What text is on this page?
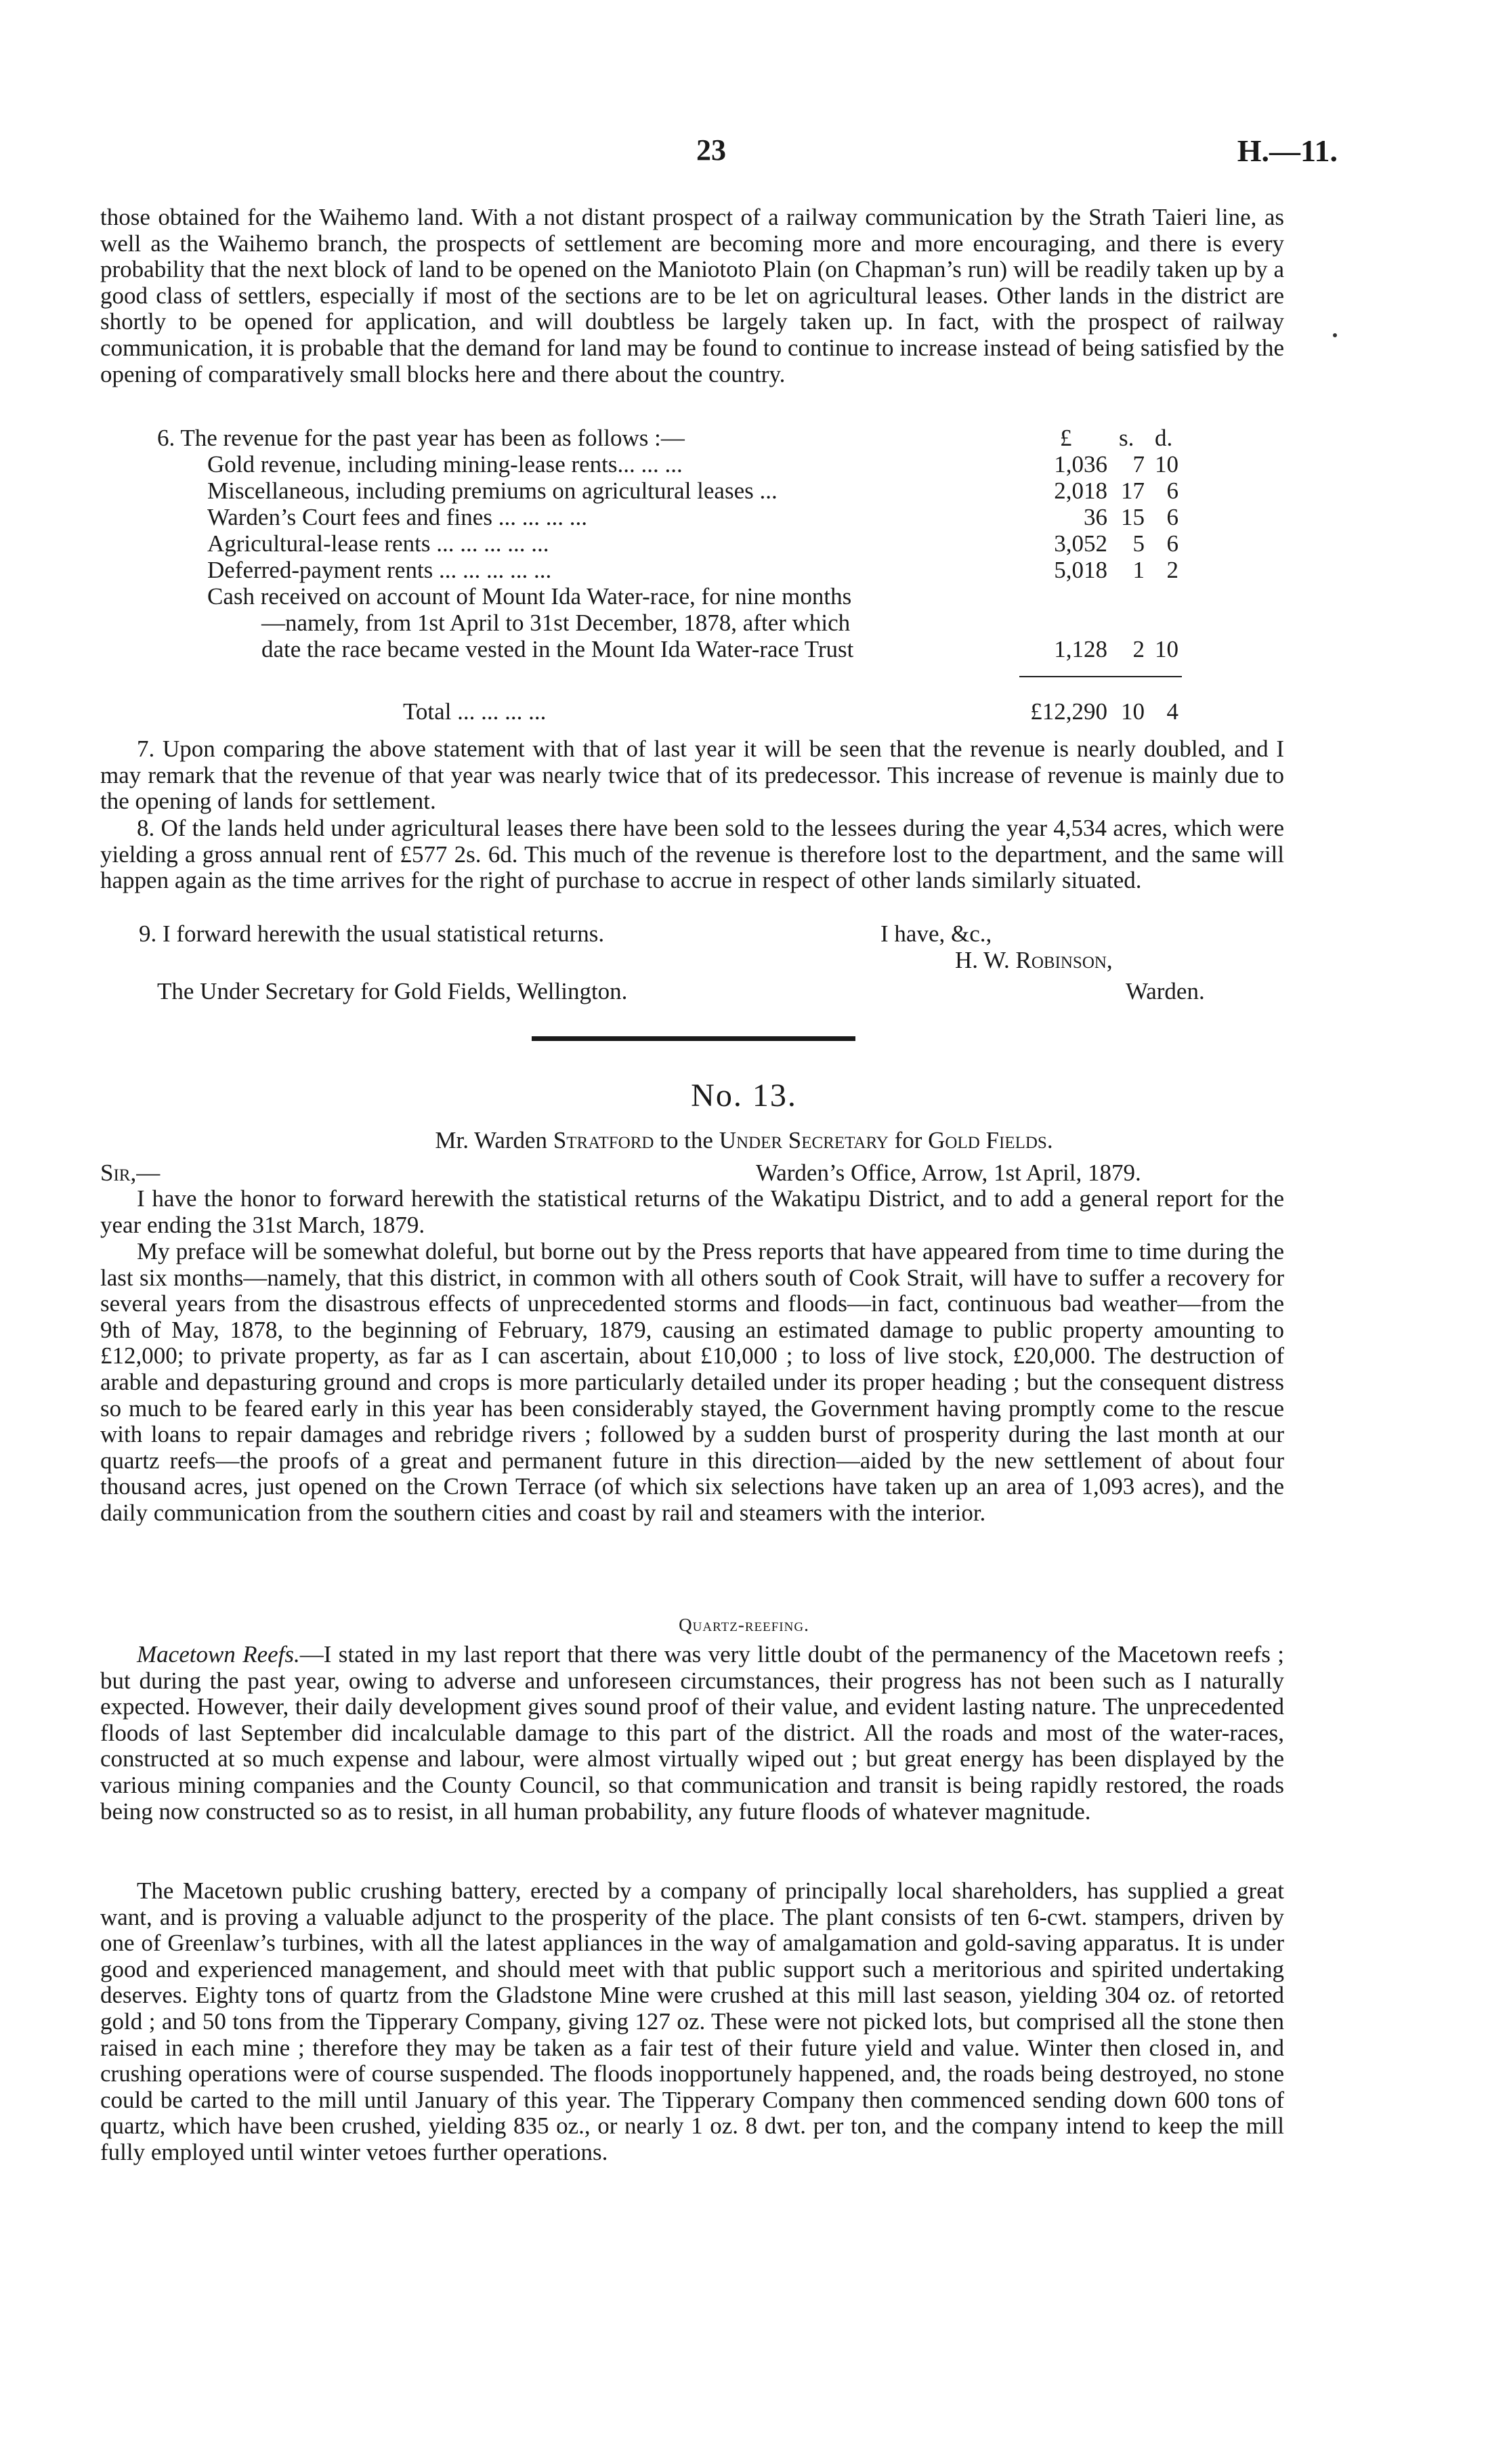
23	H.—11.
those obtained for the Waihemo land. With a not distant prospect of a railway communication by the Strath Taieri line, as well as the Waihemo branch, the prospects of settlement are becoming more and more encouraging, and there is every probability that the next block of land to be opened on the Maniototo Plain (on Chapman’s run) will be readily taken up by a good class of settlers, especially if most of the sections are to be let on agricultural leases. Other lands in the district are shortly to be opened for application, and will doubtless be largely taken up. In fact, with the prospect of railway communication, it is probable that the demand for land may be found to continue to increase instead of being satisfied by the opening of comparatively small blocks here and there about the country.
6. The revenue for the past year has been as follows :—	£ s. d.
Gold revenue, including mining-lease rents... ... ...	1,036	7 10
Miscellaneous, including premiums on agricultural leases ...	2,018 17 6
Warden’s Court fees and fines ... ... ... ...	36 15 6
Agricultural-lease rents ... ... ... ... ...	3,052	5 6
Deferred-payment rents ... ... ... ... ...	5,018	1 2
Cash received on account of Mount Ida Water-race, for nine months
—namely, from 1st April to 31st December, 1878, after which
date the race became vested in the Mount Ida Water-race Trust	1,128	2 10
Total ... ... ... ...	£12,290 10 4
7. Upon comparing the above statement with that of last year it will be seen that the revenue is nearly doubled, and I may remark that the revenue of that year was nearly twice that of its predecessor. This increase of revenue is mainly due to the opening of lands for settlement.
8. Of the lands held under agricultural leases there have been sold to the lessees during the year 4,534 acres, which were yielding a gross annual rent of £577 2s. 6d. This much of the revenue is therefore lost to the department, and the same will happen again as the time arrives for the right of purchase to accrue in respect of other lands similarly situated.
9. I forward herewith the usual statistical returns.	I have, &c.,
H. W. Robinson,
The Under Secretary for Gold Fields, Wellington.	Warden.
No. 13.
Mr. Warden Stratford to the Under Secretary for Gold Fields.
Sir,—	Warden’s Office, Arrow, 1st April, 1879.
I have the honor to forward herewith the statistical returns of the Wakatipu District, and to add a general report for the year ending the 31st March, 1879.
My preface will be somewhat doleful, but borne out by the Press reports that have appeared from time to time during the last six months—namely, that this district, in common with all others south of Cook Strait, will have to suffer a recovery for several years from the disastrous effects of unprecedented storms and floods—in fact, continuous bad weather—from the 9th of May, 1878, to the beginning of February, 1879, causing an estimated damage to public property amounting to £12,000; to private property, as far as I can ascertain, about £10,000 ; to loss of live stock, £20,000. The destruction of arable and depasturing ground and crops is more particularly detailed under its proper heading ; but the consequent distress so much to be feared early in this year has been considerably stayed, the Government having promptly come to the rescue with loans to repair damages and rebridge rivers ; followed by a sudden burst of prosperity during the last month at our quartz reefs—the proofs of a great and permanent future in this direction—aided by the new settlement of about four thousand acres, just opened on the Crown Terrace (of which six selections have taken up an area of 1,093 acres), and the daily communication from the southern cities and coast by rail and steamers with the interior.
Quartz-reefing.
Macetown Reefs.—I stated in my last report that there was very little doubt of the permanency of the Macetown reefs ; but during the past year, owing to adverse and unforeseen circumstances, their progress has not been such as I naturally expected. However, their daily development gives sound proof of their value, and evident lasting nature. The unprecedented floods of last September did incalculable damage to this part of the district. All the roads and most of the water-races, constructed at so much expense and labour, were almost virtually wiped out ; but great energy has been displayed by the various mining companies and the County Council, so that communication and transit is being rapidly restored, the roads being now constructed so as to resist, in all human probability, any future floods of whatever magnitude.
The Macetown public crushing battery, erected by a company of principally local shareholders, has supplied a great want, and is proving a valuable adjunct to the prosperity of the place. The plant consists of ten 6-cwt. stampers, driven by one of Greenlaw’s turbines, with all the latest appliances in the way of amalgamation and gold-saving apparatus. It is under good and experienced management, and should meet with that public support such a meritorious and spirited undertaking deserves. Eighty tons of quartz from the Gladstone Mine were crushed at this mill last season, yielding 304 oz. of retorted gold ; and 50 tons from the Tipperary Company, giving 127 oz. These were not picked lots, but comprised all the stone then raised in each mine ; therefore they may be taken as a fair test of their future yield and value. Winter then closed in, and crushing operations were of course suspended. The floods inopportunely happened, and, the roads being destroyed, no stone could be carted to the mill until January of this year. The Tipperary Company then commenced sending down 600 tons of quartz, which have been crushed, yielding 835 oz., or nearly 1 oz. 8 dwt. per ton, and the company intend to keep the mill fully employed until winter vetoes further operations.
